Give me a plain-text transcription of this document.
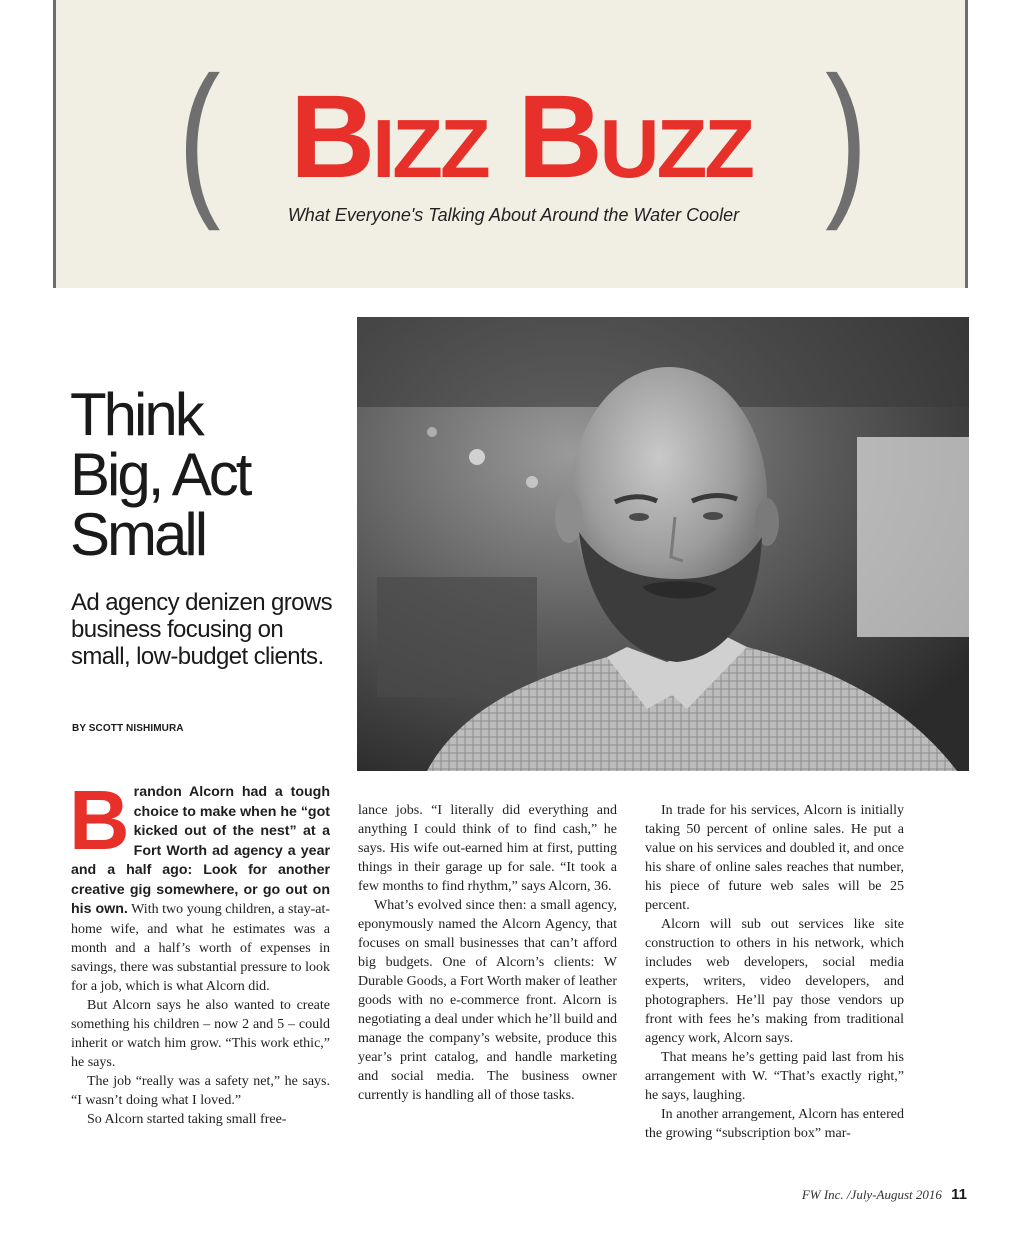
( Bizz Buzz )
What Everyone's Talking About Around the Water Cooler
Think
Big, Act
Small

Ad agency denizen grows business focusing on small, low-budget clients.

BY SCOTT NISHIMURA

Brandon Alcorn had a tough choice to make when he “got kicked out of the nest” at a Fort Worth ad agency a year and a half ago: Look for another creative gig somewhere, or go out on his own. With two young children, a stay-at-home wife, and what he estimates was a month and a half’s worth of expenses in savings, there was substantial pressure to look for a job, which is what Alcorn did.

But Alcorn says he also wanted to create something his children – now 2 and 5 – could inherit or watch him grow. “This work ethic,” he says.

The job “really was a safety net,” he says. “I wasn’t doing what I loved.”

So Alcorn started taking small free-

lance jobs. “I literally did everything and anything I could think of to find cash,” he says. His wife out-earned him at first, putting things in their garage up for sale. “It took a few months to find rhythm,” says Alcorn, 36.

What’s evolved since then: a small agency, eponymously named the Alcorn Agency, that focuses on small businesses that can’t afford big budgets. One of Alcorn’s clients: W Durable Goods, a Fort Worth maker of leather goods with no e-commerce front. Alcorn is negotiating a deal under which he’ll build and manage the company’s website, produce this year’s print catalog, and handle marketing and social media. The business owner currently is handling all of those tasks.

In trade for his services, Alcorn is initially taking 50 percent of online sales. He put a value on his services and doubled it, and once his share of online sales reaches that number, his piece of future web sales will be 25 percent.

Alcorn will sub out services like site construction to others in his network, which includes web developers, social media experts, writers, video developers, and photographers. He’ll pay those vendors up front with fees he’s making from traditional agency work, Alcorn says.

That means he’s getting paid last from his arrangement with W. “That’s exactly right,” he says, laughing.

In another arrangement, Alcorn has entered the growing “subscription box” mar-

FW Inc. /July-August 2016 11
